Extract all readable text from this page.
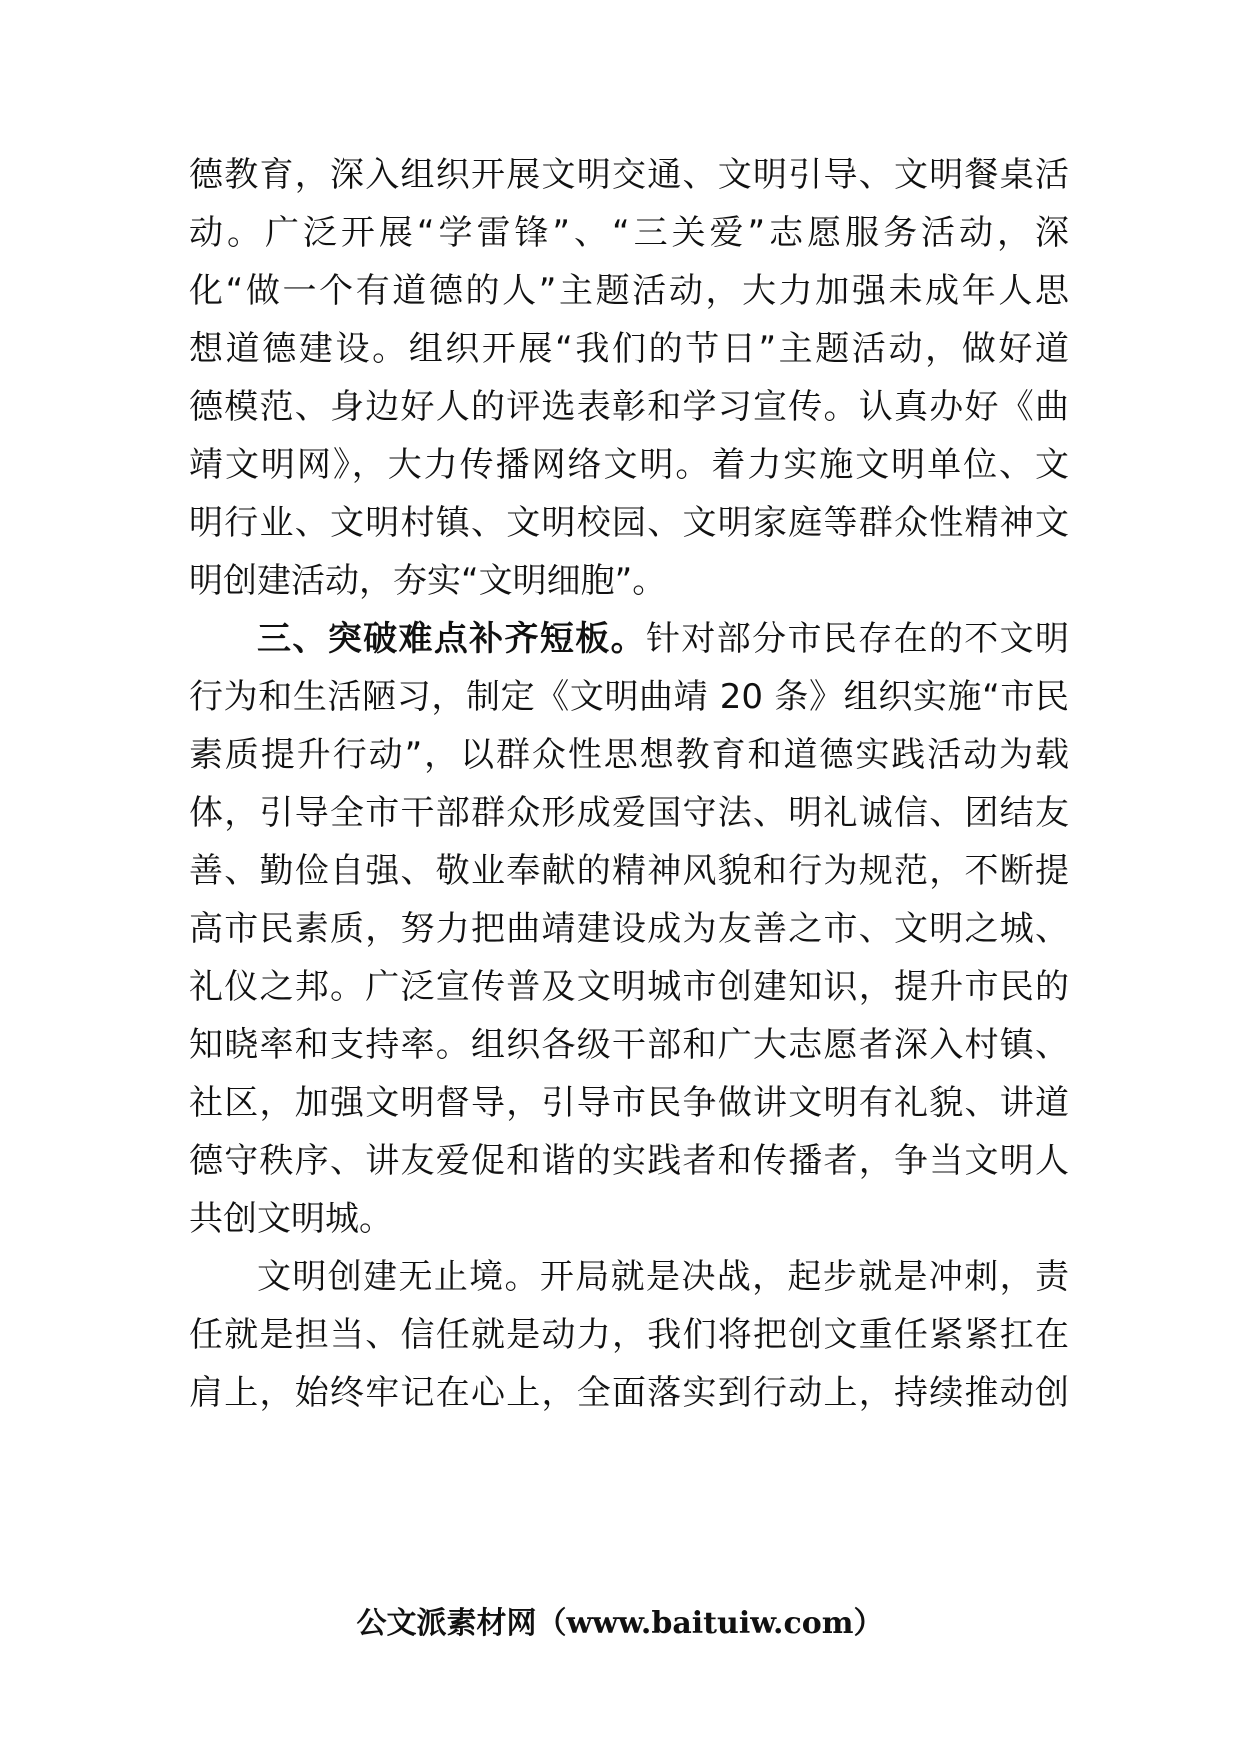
德教育，深入组织开展文明交通、文明引导、文明餐桌活
动。广泛开展“学雷锋”、“三关爱”志愿服务活动，深
化“做一个有道德的人”主题活动，大力加强未成年人思
想道德建设。组织开展“我们的节日”主题活动，做好道
德模范、身边好人的评选表彰和学习宣传。认真办好《曲
靖文明网》，大力传播网络文明。着力实施文明单位、文
明行业、文明村镇、文明校园、文明家庭等群众性精神文
明创建活动，夯实“文明细胞”。
三、突破难点补齐短板。针对部分市民存在的不文明
行为和生活陋习，制定《文明曲靖 20 条》组织实施“市民
素质提升行动”，以群众性思想教育和道德实践活动为载
体，引导全市干部群众形成爱国守法、明礼诚信、团结友
善、勤俭自强、敬业奉献的精神风貌和行为规范，不断提
高市民素质，努力把曲靖建设成为友善之市、文明之城、
礼仪之邦。广泛宣传普及文明城市创建知识，提升市民的
知晓率和支持率。组织各级干部和广大志愿者深入村镇、
社区，加强文明督导，引导市民争做讲文明有礼貌、讲道
德守秩序、讲友爱促和谐的实践者和传播者，争当文明人
共创文明城。
文明创建无止境。开局就是决战，起步就是冲刺，责
任就是担当、信任就是动力，我们将把创文重任紧紧扛在
肩上，始终牢记在心上，全面落实到行动上，持续推动创
公文派素材网（www.baituiw.com）
